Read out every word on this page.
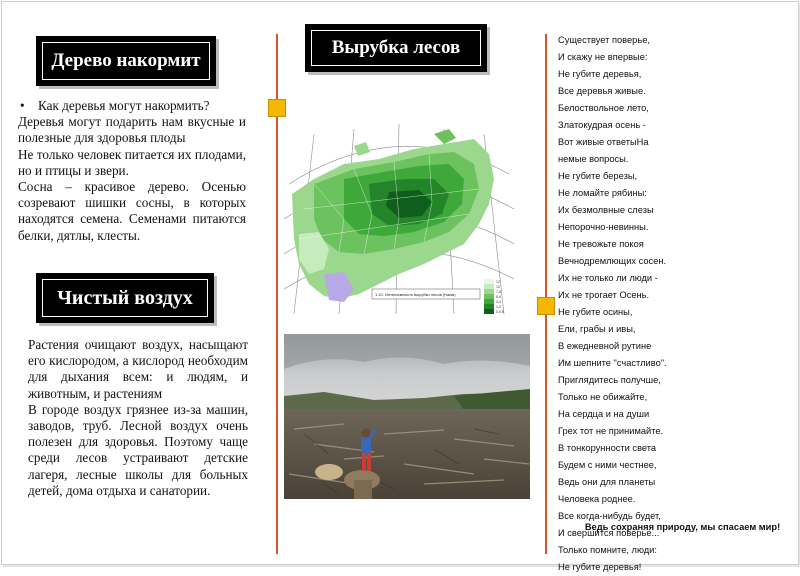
Дерево накормит
• Как деревья могут накормить?
Деревья могут подарить нам вкусные и полезные для здоровья плоды
Не только человек питается их плодами, но и птицы и звери.
Сосна – красивое дерево. Осенью созревают шишки сосны, в которых находятся семена. Семенами питаются белки, дятлы, клесты.
Чистый воздух
Растения очищают воздух, насыщают его кислородом, а кислород необходим для дыхания всем: и людям, и животным, и растениям
В городе воздух грязнее из-за машин, заводов, труб. Лесной воздух очень полезен для здоровья. Поэтому чаще среди лесов устраивают детские лагеря, лесные школы для больных детей, дома отдыха и санатории.
Вырубка лесов
12
10
7-8
5-6
3-4
1-2
0-0.5
1.10. Интенсивность вырубки лесов (Наим)
Существует поверье,
И скажу не впервые:
Не губите деревья,
Все деревья живые.
Белоствольное лето,
Златокудрая осень -
Вот живые ответыНа
немые вопросы.
Не губите березы,
Не ломайте рябины:
Их безмолвные слезы
Непорочно-невинны.
Не тревожьте покоя
Вечнодремлющих сосен.
Их не только ли люди -
Их не трогает Осень.
Не губите осины,
Ели, грабы и ивы,
В ежедневной рутине
Им шепните "счастливо".
Приглядитесь получше,
Только не обижайте,
На сердца и на души
Грех тот не принимайте.
В тонкорунности света
Будем с ними честнее,
Ведь они для планеты
Человека роднее.
Все когда-нибудь будет,
И свершится поверье...
Только помните, люди:
Не губите деревья!
Ведь сохраняя природу, мы спасаем мир!
